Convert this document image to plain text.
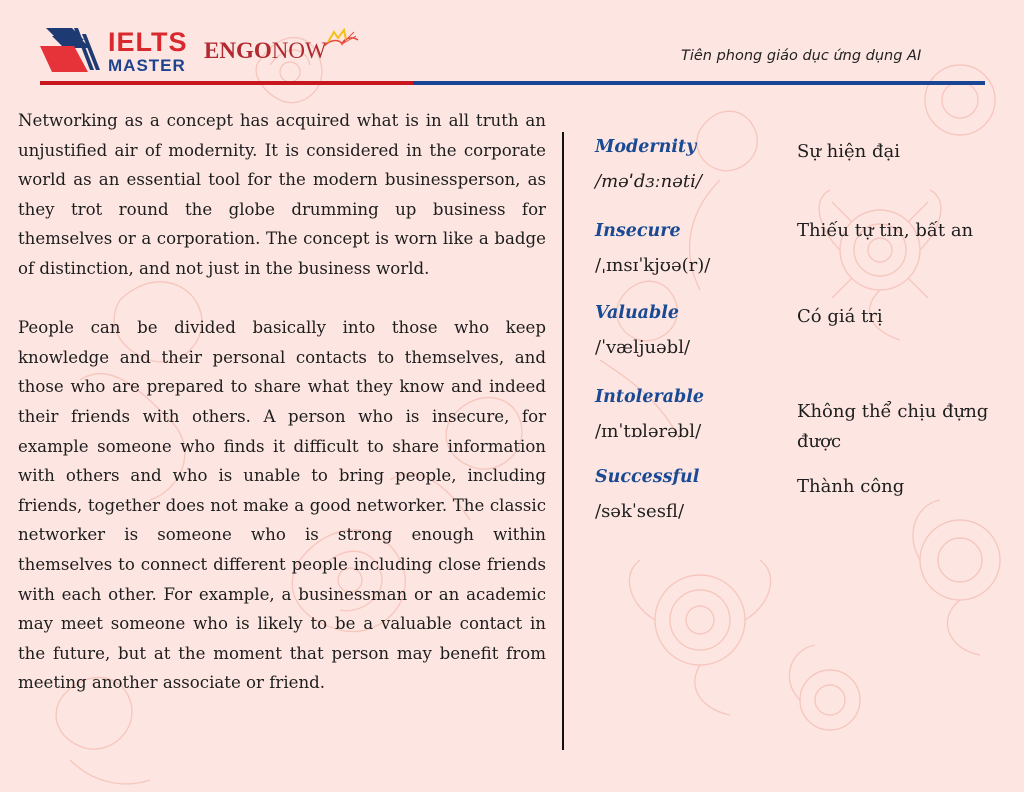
IELTS
MASTER
ENGO NOW	Tiên phong giáo dục ứng dụng AI

Networking as a concept has acquired what is in all truth an unjustified air of modernity. It is considered in the corporate world as an essential tool for the modern businessperson, as they trot round the globe drumming up business for themselves or a corporation. The concept is worn like a badge of distinction, and not just in the business world.

People can be divided basically into those who keep knowledge and their personal contacts to themselves, and those who are prepared to share what they know and indeed their friends with others. A person who is insecure, for example someone who finds it difficult to share information with others and who is unable to bring people, including friends, together does not make a good networker. The classic networker is someone who is strong enough within themselves to connect different people including close friends with each other. For example, a businessman or an academic may meet someone who is likely to be a valuable contact in the future, but at the moment that person may benefit from meeting another associate or friend.

Modernity
/məˈdɜːnəti/
Insecure
/ˌɪnsɪˈkjʊə(r)/
Valuable
/ˈvæljuəbl/
Intolerable
/ɪnˈtɒlərəbl/
Successful
/səkˈsesfl/
Sự hiện đại
Thiếu tự tin, bất an
Có giá trị
Không thể chịu đựng được
Thành công
